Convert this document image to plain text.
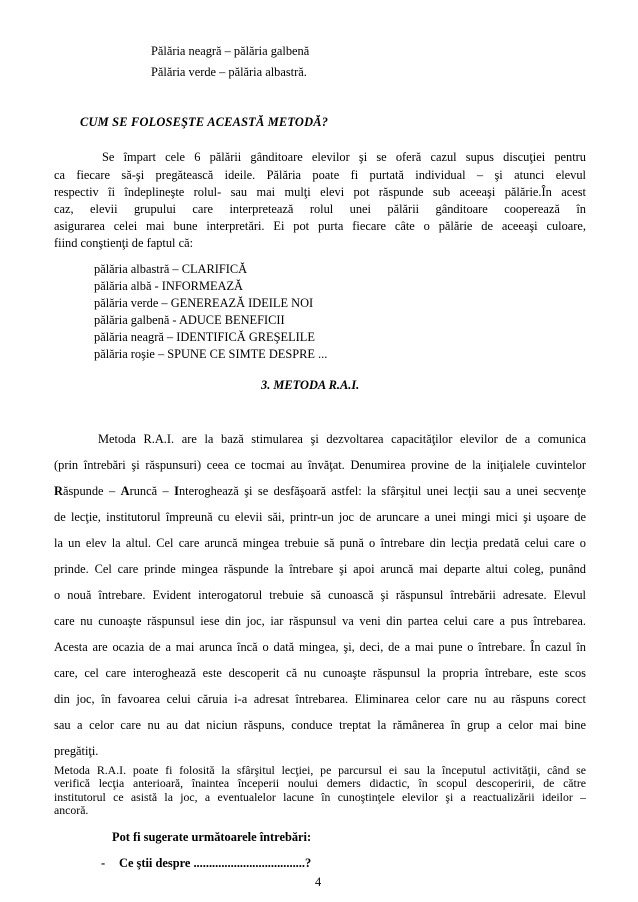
Pălăria neagră – pălăria galbenă
Pălăria verde – pălăria albastră.
CUM SE FOLOSEŞTE ACEASTĂ METODĂ?
Se împart cele 6 pălării gânditoare elevilor şi se oferă cazul supus discuţiei pentru
ca fiecare să-şi pregătească ideile. Pălăria poate fi purtată individual – şi atunci elevul
respectiv îi îndeplineşte rolul- sau mai mulţi elevi pot răspunde sub aceeaşi pălărie.În acest
caz, elevii grupului care interpretează rolul unei pălării gânditoare cooperează în
asigurarea celei mai bune interpretări. Ei pot purta fiecare câte o pălărie de aceeaşi culoare,
fiind conştienţi de faptul că:
pălăria albastră – CLARIFICĂ
pălăria albă - INFORMEAZĂ
pălăria verde – GENEREAZĂ IDEILE NOI
pălăria galbenă - ADUCE BENEFICII
pălăria neagră – IDENTIFICĂ GREŞELILE
pălăria roşie – SPUNE CE SIMTE DESPRE ...
3. METODA R.A.I.
Metoda R.A.I. are la bază stimularea şi dezvoltarea capacităţilor elevilor de a comunica
(prin întrebări şi răspunsuri) ceea ce tocmai au învăţat. Denumirea provine de la iniţialele cuvintelor
Răspunde – Aruncă – Interoghează şi se desfăşoară astfel: la sfârşitul unei lecţii sau a unei secvenţe
de lecţie, institutorul împreună cu elevii săi, printr-un joc de aruncare a unei mingi mici şi uşoare de
la un elev la altul. Cel care aruncă mingea trebuie să pună o întrebare din lecţia predată celui care o
prinde. Cel care prinde mingea răspunde la întrebare şi apoi aruncă mai departe altui coleg, punând
o nouă întrebare. Evident interogatorul trebuie să cunoască şi răspunsul întrebării adresate. Elevul
care nu cunoaşte răspunsul iese din joc, iar răspunsul va veni din partea celui care a pus întrebarea.
Acesta are ocazia de a mai arunca încă o dată mingea, şi, deci, de a mai pune o întrebare. În cazul în
care, cel care interoghează este descoperit că nu cunoaşte răspunsul la propria întrebare, este scos
din joc, în favoarea celui căruia i-a adresat întrebarea. Eliminarea celor care nu au răspuns corect
sau a celor care nu au dat niciun răspuns, conduce treptat la rămânerea în grup a celor mai bine
pregătiţi.
Metoda R.A.I. poate fi folosită la sfârşitul lecţiei, pe parcursul ei sau la începutul activităţii, când se
verifică lecţia anterioară, înaintea începerii noului demers didactic, în scopul descoperirii, de către
institutorul ce asistă la joc, a eventualelor lacune în cunoştinţele elevilor şi a reactualizării ideilor –
ancoră.
Pot fi sugerate următoarele întrebări:
- Ce ştii despre ....................................?
4
